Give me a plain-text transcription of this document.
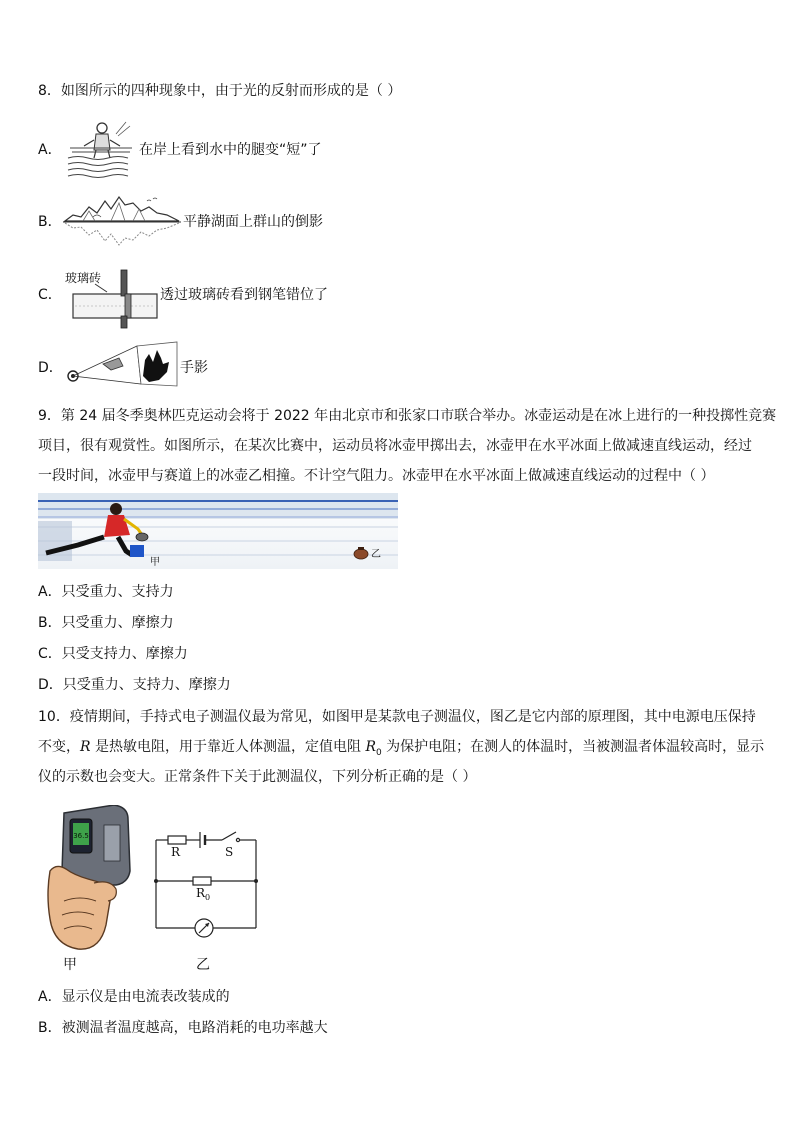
8．如图所示的四种现象中，由于光的反射而形成的是（ ）
A．	在岸上看到水中的腿变“短”了
B．	平静湖面上群山的倒影
C．
玻璃砖
透过玻璃砖看到钢笔错位了
D．	手影
9．第 24 届冬季奥林匹克运动会将于 2022 年由北京市和张家口市联合举办。冰壶运动是在冰上进行的一种投掷性竞赛
项目，很有观赏性。如图所示，在某次比赛中，运动员将冰壶甲掷出去，冰壶甲在水平冰面上做减速直线运动，经过
一段时间，冰壶甲与赛道上的冰壶乙相撞。不计空气阻力。冰壶甲在水平冰面上做减速直线运动的过程中（ ）
甲
乙
A．只受重力、支持力
B．只受重力、摩擦力
C．只受支持力、摩擦力
D．只受重力、支持力、摩擦力
10．疫情期间，手持式电子测温仪最为常见，如图甲是某款电子测温仪，图乙是它内部的原理图，其中电源电压保持
不变，R 是热敏电阻，用于靠近人体测温，定值电阻 $R_0$ 为保护电阻；在测人的体温时，当被测温者体温较高时，显示
仪的示数也会变大。正常条件下关于此测温仪，下列分析正确的是（ ）
36.5
甲
R	S
$R_0$
乙
A．显示仪是由电流表改装成的
B．被测温者温度越高，电路消耗的电功率越大
